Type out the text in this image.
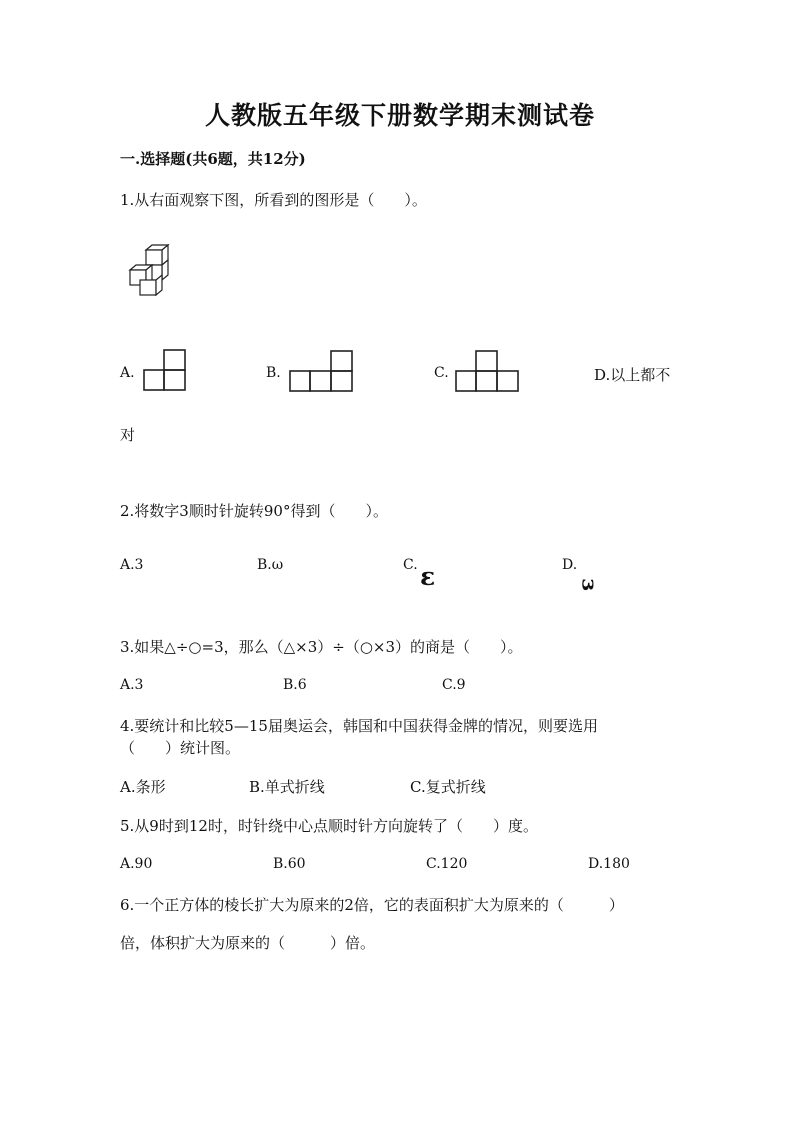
人教版五年级下册数学期末测试卷
一.选择题(共6题，共12分)
1.从右面观察下图，所看到的图形是（　　）。
A.	B.	C.	D.以上都不
对
2.将数字3顺时针旋转90°得到（　　）。
A.3	B.ω	C. ɛ	D.
ɜ
3.如果△÷○=3，那么（△×3）÷（○×3）的商是（　　）。
A.3	B.6	C.9
4.要统计和比较5—15届奥运会，韩国和中国获得金牌的情况，则要选用
（　　）统计图。
A.条形	B.单式折线	C.复式折线
5.从9时到12时，时针绕中心点顺时针方向旋转了（　　）度。
A.90	B.60	C.120	D.180
6.一个正方体的棱长扩大为原来的2倍，它的表面积扩大为原来的（　　　）
倍，体积扩大为原来的（　　　）倍。
